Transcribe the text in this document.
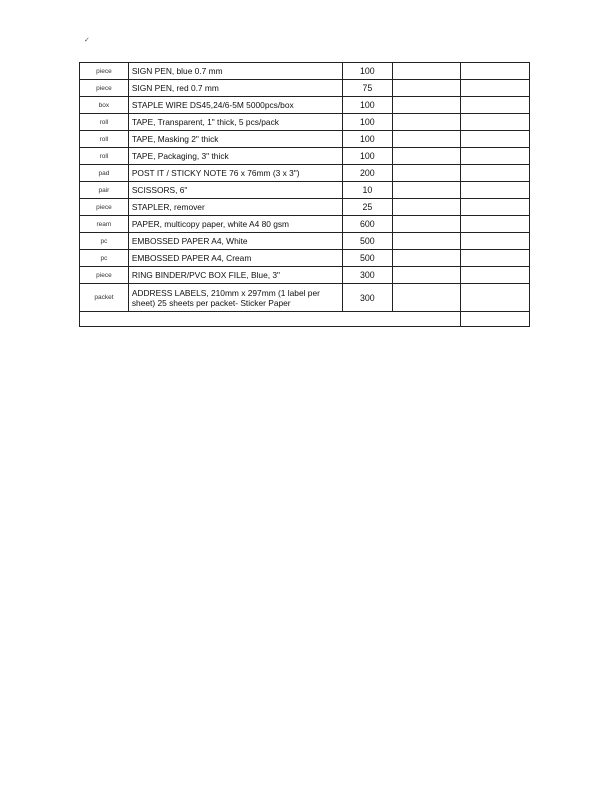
✓
piece	SIGN PEN, blue 0.7 mm	100		
piece	SIGN PEN, red 0.7 mm	75		
box	STAPLE WIRE DS45,24/6-5M 5000pcs/box	100		
roll	TAPE, Transparent, 1" thick, 5 pcs/pack	100		
roll	TAPE, Masking 2" thick	100		
roll	TAPE, Packaging, 3" thick	100		
pad	POST IT / STICKY NOTE 76 x 76mm (3 x 3")	200		
pair	SCISSORS, 6"	10		
piece	STAPLER, remover	25		
ream	PAPER, multicopy paper, white A4 80 gsm	600		
pc	EMBOSSED PAPER A4, White	500		
pc	EMBOSSED PAPER A4, Cream	500		
piece	RING BINDER/PVC BOX FILE, Blue, 3"	300		
packet	ADDRESS LABELS, 210mm x 297mm (1 label per sheet) 25 sheets per packet- Sticker Paper	300		
